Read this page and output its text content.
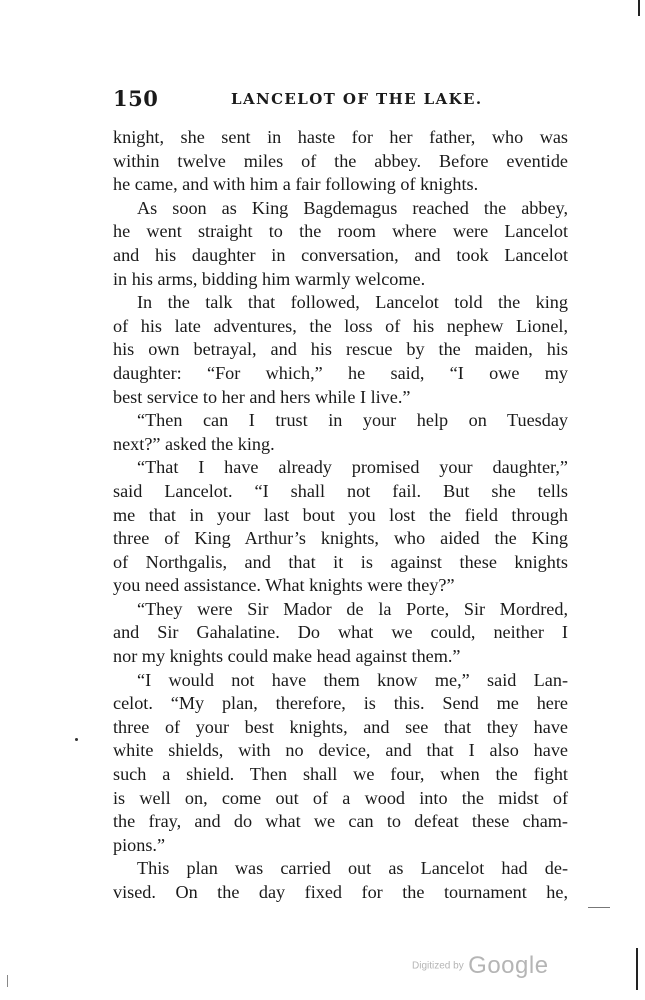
150	LANCELOT OF THE LAKE.
knight, she sent in haste for her father, who was
within twelve miles of the abbey. Before eventide
he came, and with him a fair following of knights.
As soon as King Bagdemagus reached the abbey,
he went straight to the room where were Lancelot
and his daughter in conversation, and took Lancelot
in his arms, bidding him warmly welcome.
In the talk that followed, Lancelot told the king
of his late adventures, the loss of his nephew Lionel,
his own betrayal, and his rescue by the maiden, his
daughter: “For which,” he said, “I owe my
best service to her and hers while I live.”
“Then can I trust in your help on Tuesday
next?” asked the king.
“That I have already promised your daughter,”
said Lancelot. “I shall not fail. But she tells
me that in your last bout you lost the field through
three of King Arthur’s knights, who aided the King
of Northgalis, and that it is against these knights
you need assistance. What knights were they?”
“They were Sir Mador de la Porte, Sir Mordred,
and Sir Gahalatine. Do what we could, neither I
nor my knights could make head against them.”
“I would not have them know me,” said Lan-
celot. “My plan, therefore, is this. Send me here
three of your best knights, and see that they have
white shields, with no device, and that I also have
such a shield. Then shall we four, when the fight
is well on, come out of a wood into the midst of
the fray, and do what we can to defeat these cham-
pions.”
This plan was carried out as Lancelot had de-
vised. On the day fixed for the tournament he,
Digitized by Google
